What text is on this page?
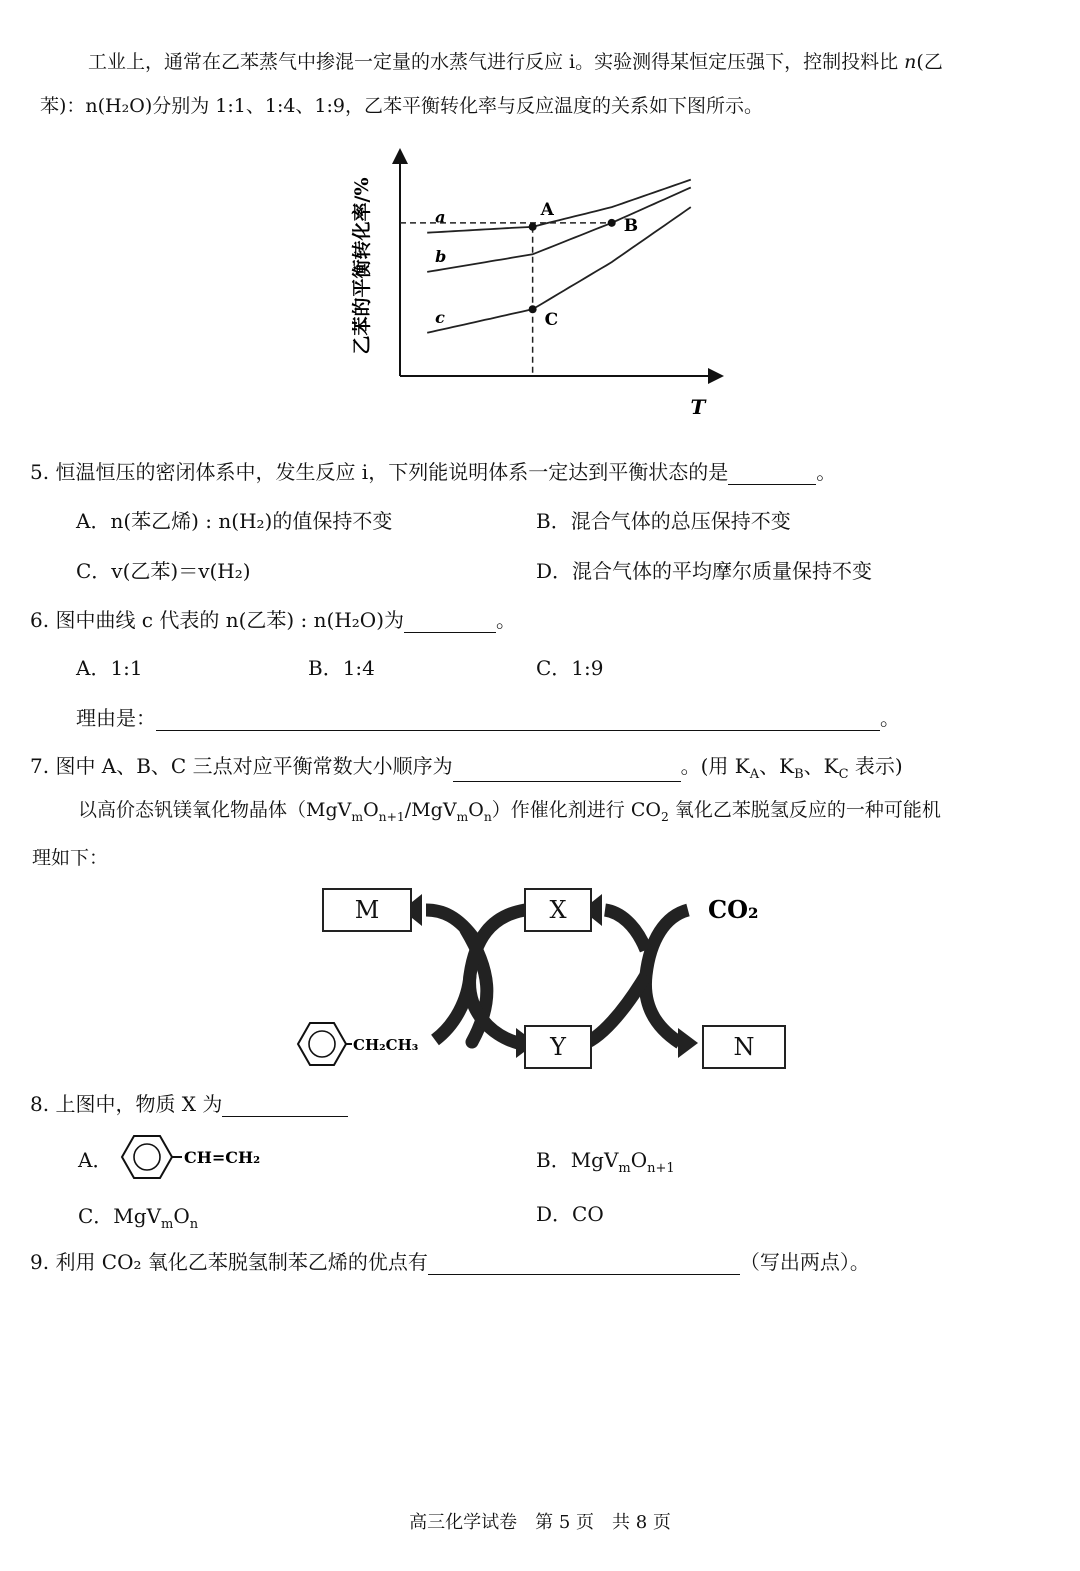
工业上，通常在乙苯蒸气中掺混一定量的水蒸气进行反应 i。实验测得某恒定压强下，控制投料比 n(乙
苯)：n(H₂O)分别为 1:1、1:4、1:9，乙苯平衡转化率与反应温度的关系如下图所示。
乙苯的平衡转化率/%
T
a
b
c
A
B
C
5. 恒温恒压的密闭体系中，发生反应 i，下列能说明体系一定达到平衡状态的是	。
A．n(苯乙烯) : n(H₂)的值保持不变	B．混合气体的总压保持不变
C．v(乙苯)＝v(H₂)	D．混合气体的平均摩尔质量保持不变
6. 图中曲线 c 代表的 n(乙苯) : n(H₂O)为	。
A．1:1	B．1:4	C．1:9
理由是：	。
7. 图中 A、B、C 三点对应平衡常数大小顺序为	。(用 $K_A$、$K_B$、$K_C$ 表示)
以高价态钒镁氧化物晶体$(MgV_mO_{n+1}/MgV_mO_n)$作催化剂进行 $CO_2$ 氧化乙苯脱氢反应的一种可能机
理如下：
CH₂CH₃
CO₂
M	X
Y	N
8. 上图中，物质 X 为
A．	CH=CH₂	B．$MgV_mO_{n+1}$
C．$MgV_mO_n$	D．CO
9. 利用 CO₂ 氧化乙苯脱氢制苯乙烯的优点有	（写出两点）。
高三化学试卷　第 5 页　共 8 页
